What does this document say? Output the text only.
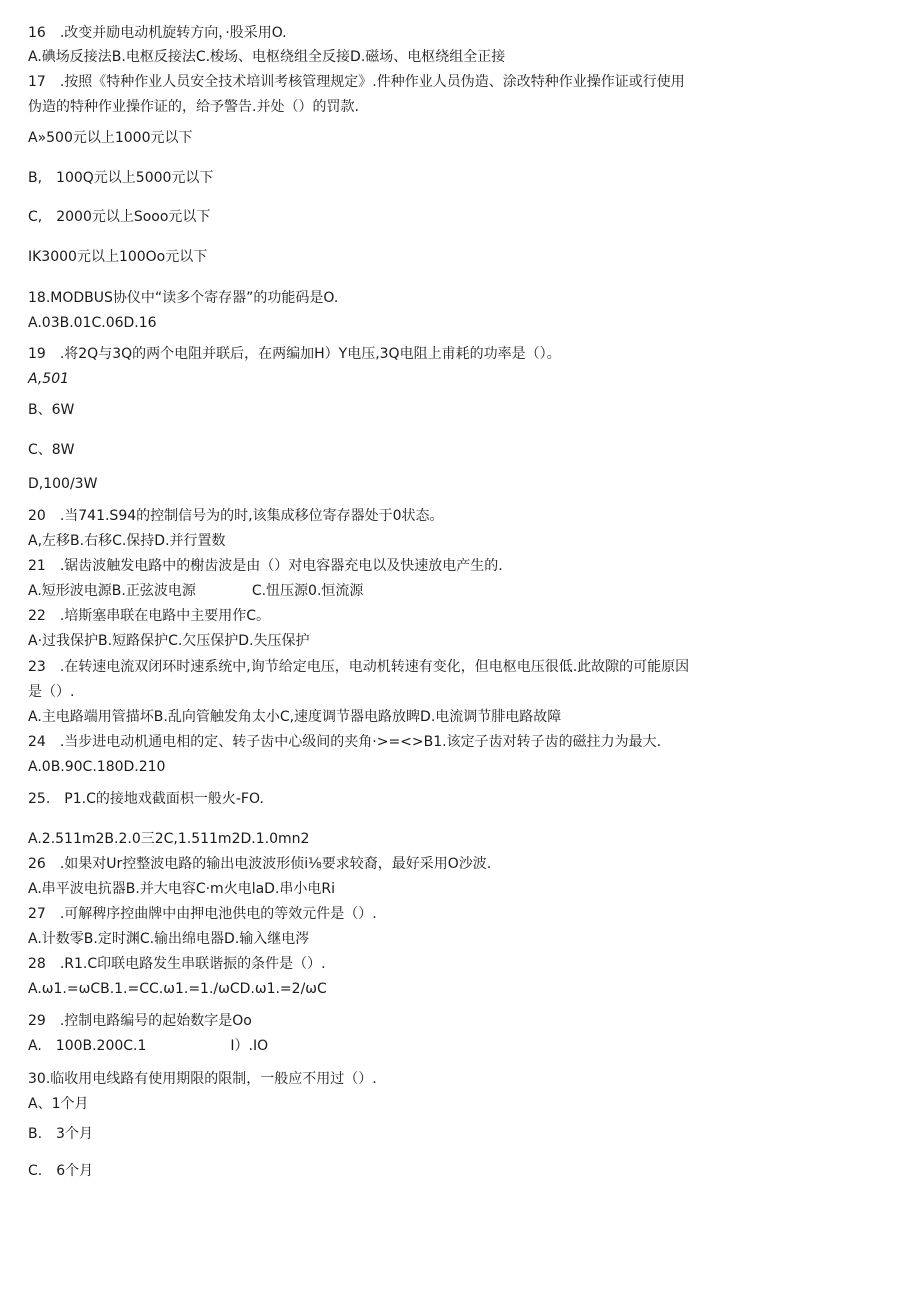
16　.改变并励电动机旋转方向，·股采用O.
A.碘场反接法B.电枢反接法C.梭场、电枢绕组全反接D.磁场、电枢绕组全正接
17　.按照《特种作业人员安全技术培训考核管理规定》.件种作业人员伪造、涂改特种作业操作证或行使用
伪造的特种作业操作证的，给予警告.并处（）的罚款.
A»500元以上1000元以下
B,　100Q元以上5000元以下
C,　2000元以上Sooo元以下
IK3000元以上100Oo元以下
18.MODBUS协仪中“读多个寄存器”的功能码是O.
A.03B.01C.06D.16
19　.将2Q与3Q的两个电阻并联后，在两编加H）Y电压,3Q电阻上甫耗的功率是（）。
A,501
B、6W
C、8W
D,100/3W
20　.当741.S94的控制信号为的时,该集成移位寄存器处于0状态。
A,左移B.右移C.保持D.并行置数
21　.锯齿波触发电路中的榭齿波是由（）对电容器充电以及快速放电产生的.
A.短形波电源B.正弦波电源　　　　C.忸压源0.恒流源
22　.培斯塞串联在电路中主要用作C。
A·过我保护B.短路保护C.欠压保护D.失压保护
23　.在转速电流双闭环时速系统中,询节给定电压，电动机转速有变化，但电枢电压很低.此故隙的可能原因
是（）.
A.主电路端用管描坏B.乱向管触发角太小C,速度调节器电路放睥D.电流调节腓电路故障
24　.当步进电动机通电相的定、转子齿中心级间的夹角·>=<>B1.该定子齿对转子齿的磁拄力为最大.
A.0B.90C.180D.210
25.　P1.C的接地戏截面枳一般火-FO.
A.2.511m2B.2.0三2C,1.511m2D.1.0mn2
26　.如果对Ur控整波电路的输出电波波形侦i⅛要求较裔，最好采用O沙波.
A.串平波电抗器B.并大电容C·m火电laD.串小电Ri
27　.可解稗序控曲牌中由押电池供电的等效元件是（）.
A.计数零B.定时渊C.输出绵电器D.输入继电涔
28　.R1.C印联电路发生串联谐振的条件是（）.
A.ω1.=ωCB.1.=CC.ω1.=1./ωCD.ω1.=2/ωC
29　.控制电路编号的起始数字是Oo
A.　100B.200C.1　　　　　　I）.IO
30.临收用电线路有使用期限的限制，一般应不用过（）.
A、1个月
B.　3个月
C.　6个月
